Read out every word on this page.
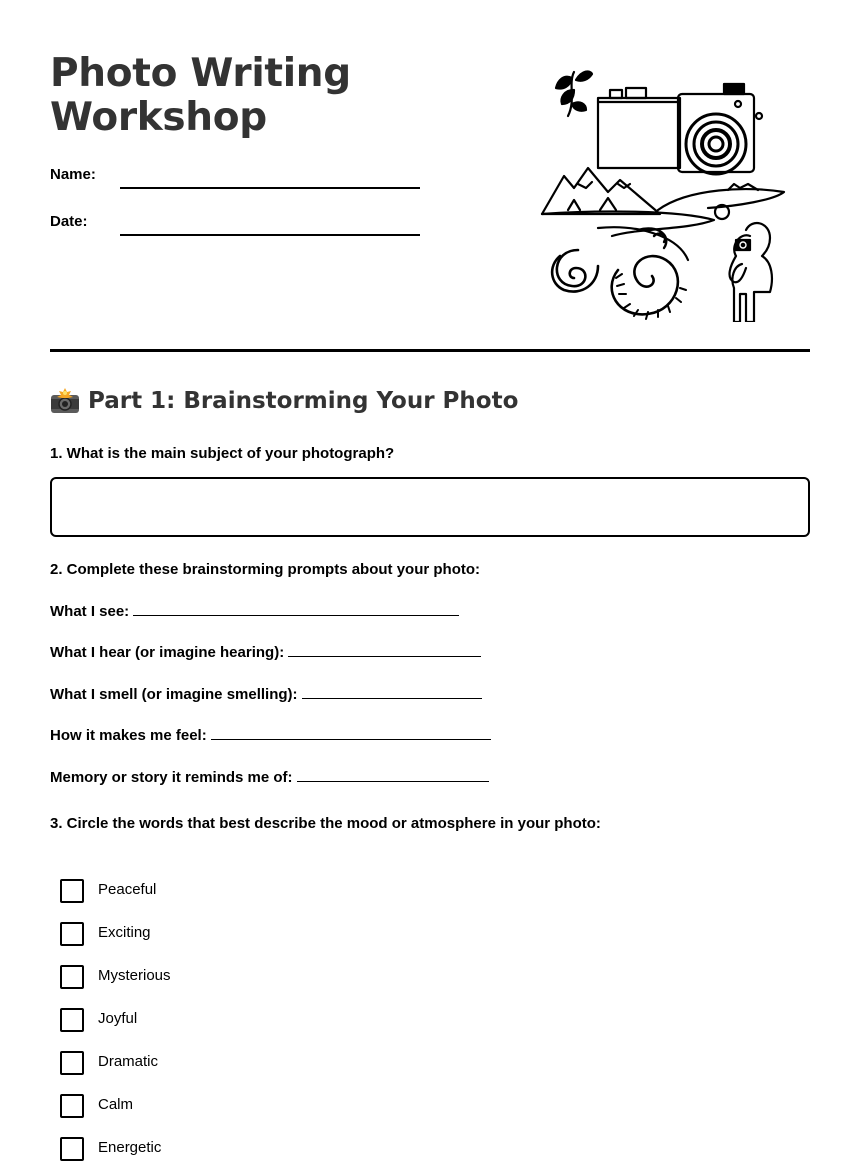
Photo Writing
Workshop
Name:
Date:
Part 1: Brainstorming Your Photo
1. What is the main subject of your photograph?
2. Complete these brainstorming prompts about your photo:
What I see:
What I hear (or imagine hearing):
What I smell (or imagine smelling):
How it makes me feel:
Memory or story it reminds me of:
3. Circle the words that best describe the mood or atmosphere in your photo:
Peaceful
Exciting
Mysterious
Joyful
Dramatic
Calm
Energetic
